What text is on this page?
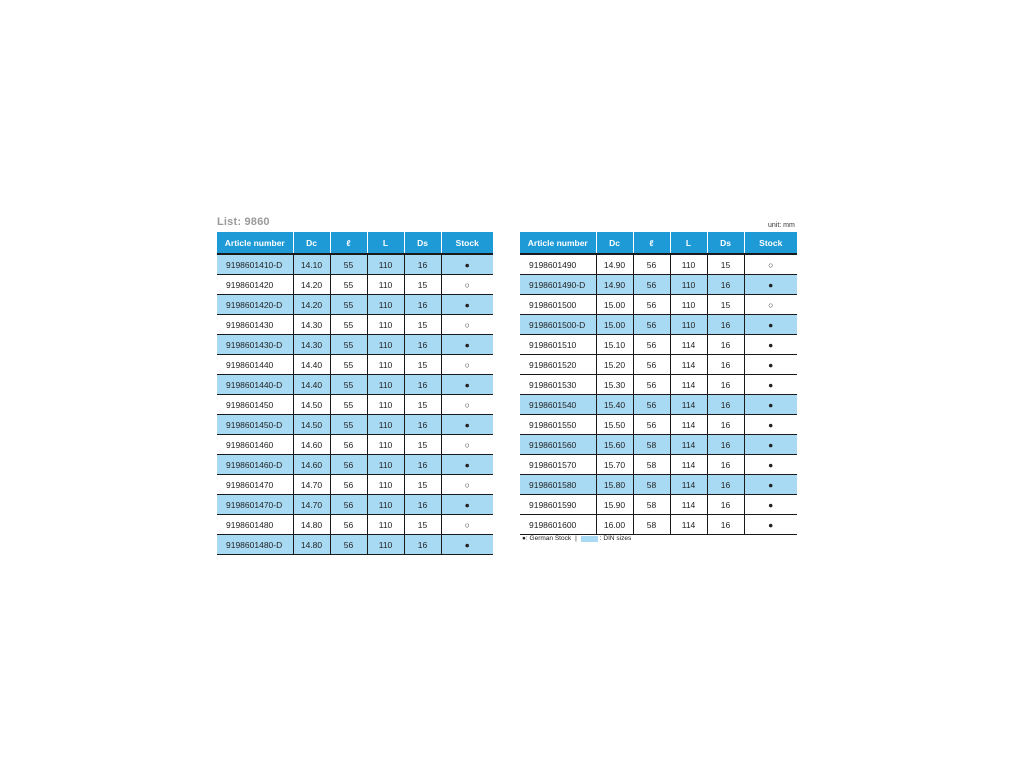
List: 9860	unit: mm
Article number	Dc	ℓ	L	Ds	Stock
9198601410-D	14.10	55	110	16	●
9198601420	14.20	55	110	15	○
9198601420-D	14.20	55	110	16	●
9198601430	14.30	55	110	15	○
9198601430-D	14.30	55	110	16	●
9198601440	14.40	55	110	15	○
9198601440-D	14.40	55	110	16	●
9198601450	14.50	55	110	15	○
9198601450-D	14.50	55	110	16	●
9198601460	14.60	56	110	15	○
9198601460-D	14.60	56	110	16	●
9198601470	14.70	56	110	15	○
9198601470-D	14.70	56	110	16	●
9198601480	14.80	56	110	15	○
9198601480-D	14.80	56	110	16	●
Article number	Dc	ℓ	L	Ds	Stock
9198601490	14.90	56	110	15	○
9198601490-D	14.90	56	110	16	●
9198601500	15.00	56	110	15	○
9198601500-D	15.00	56	110	16	●
9198601510	15.10	56	114	16	●
9198601520	15.20	56	114	16	●
9198601530	15.30	56	114	16	●
9198601540	15.40	56	114	16	●
9198601550	15.50	56	114	16	●
9198601560	15.60	58	114	16	●
9198601570	15.70	58	114	16	●
9198601580	15.80	58	114	16	●
9198601590	15.90	58	114	16	●
9198601600	16.00	58	114	16	●
●: German Stock |	: DIN sizes
